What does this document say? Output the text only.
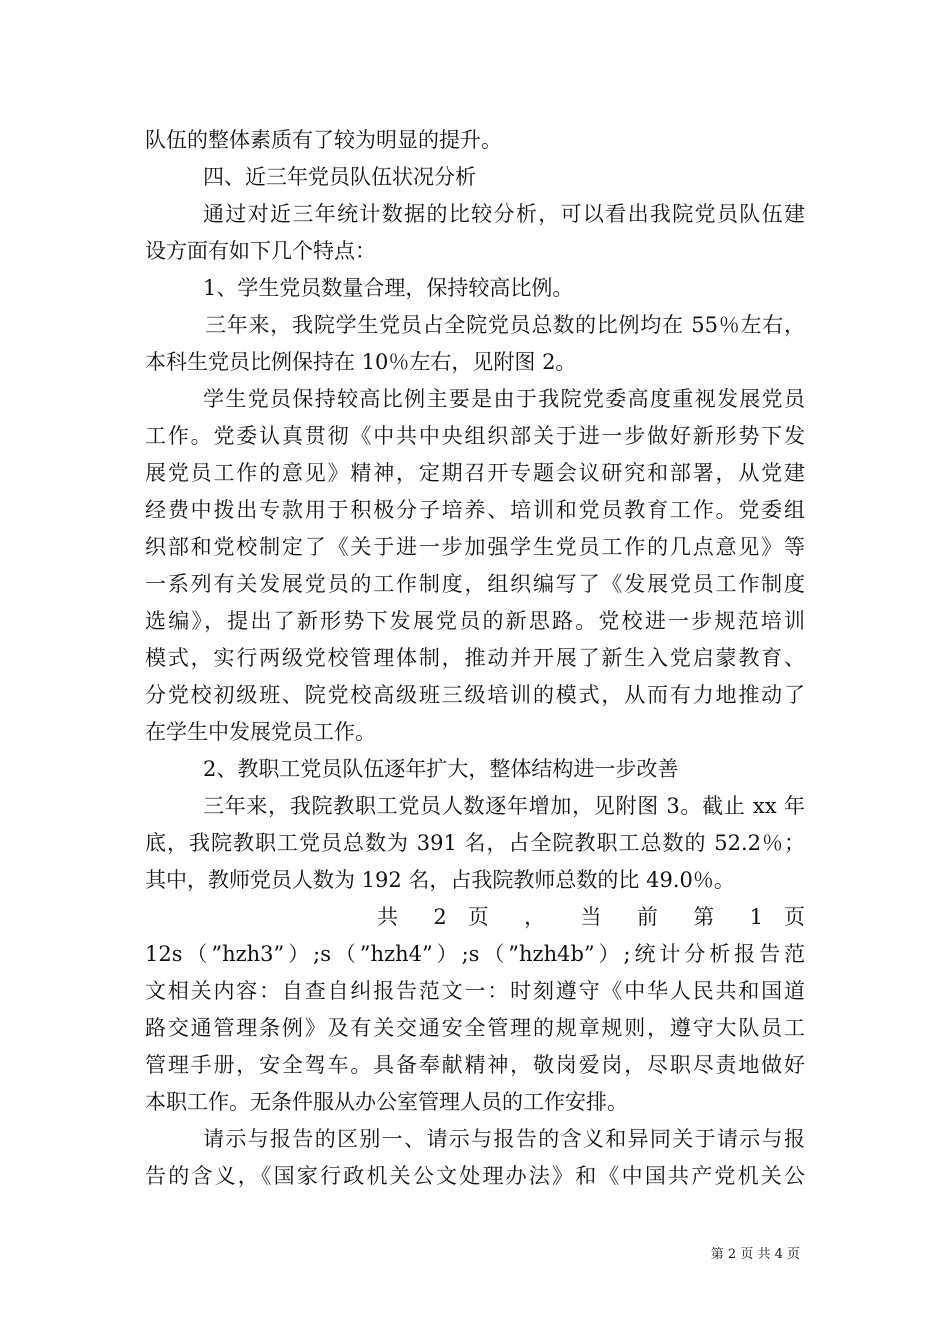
队伍的整体素质有了较为明显的提升。
四、近三年党员队伍状况分析
通过对近三年统计数据的比较分析，可以看出我院党员队伍建
设方面有如下几个特点：
1、学生党员数量合理，保持较高比例。
三年来，我院学生党员占全院党员总数的比例均在 55％左右，
本科生党员比例保持在 10％左右，见附图 2。
学生党员保持较高比例主要是由于我院党委高度重视发展党员
工作。党委认真贯彻《中共中央组织部关于进一步做好新形势下发
展党员工作的意见》精神，定期召开专题会议研究和部署，从党建
经费中拨出专款用于积极分子培养、培训和党员教育工作。党委组
织部和党校制定了《关于进一步加强学生党员工作的几点意见》等
一系列有关发展党员的工作制度，组织编写了《发展党员工作制度
选编》，提出了新形势下发展党员的新思路。党校进一步规范培训
模式，实行两级党校管理体制，推动并开展了新生入党启蒙教育、
分党校初级班、院党校高级班三级培训的模式，从而有力地推动了
在学生中发展党员工作。
2、教职工党员队伍逐年扩大，整体结构进一步改善
三年来，我院教职工党员人数逐年增加，见附图 3。截止 xx 年
底，我院教职工党员总数为 391 名，占全院教职工总数的 52.2％；
其中，教师党员人数为 192 名，占我院教师总数的比 49.0％。
共 2 页 ， 当 前 第 1 页
12s（”hzh3”）;s（”hzh4”）;s（”hzh4b”）;统计分析报告范
文相关内容：自查自纠报告范文一：时刻遵守《中华人民共和国道
路交通管理条例》及有关交通安全管理的规章规则，遵守大队员工
管理手册，安全驾车。具备奉献精神，敬岗爱岗，尽职尽责地做好
本职工作。无条件服从办公室管理人员的工作安排。
请示与报告的区别一、请示与报告的含义和异同关于请示与报
告的含义，《国家行政机关公文处理办法》和《中国共产党机关公
第 2 页 共 4 页
